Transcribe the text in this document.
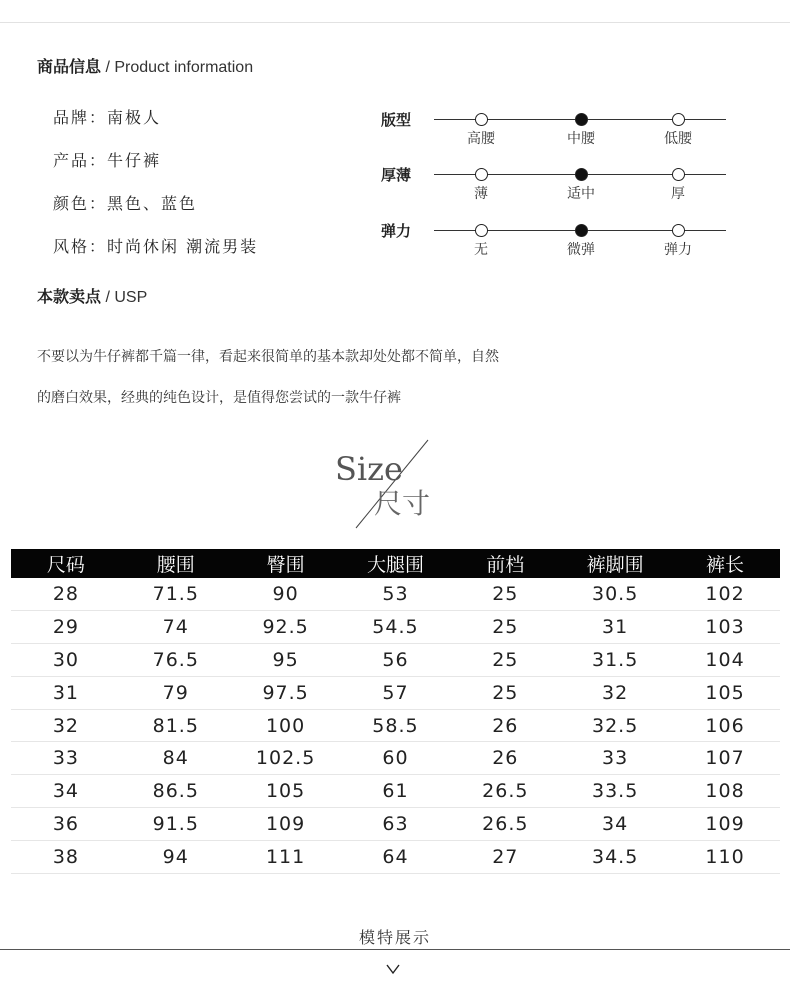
商品信息 / Product information
品牌：南极人
产品：牛仔裤
颜色：黑色、蓝色
风格：时尚休闲 潮流男装
版型
高腰	中腰	低腰
厚薄
薄	适中	厚
弹力
无	微弹	弹力
本款卖点 / USP

不要以为牛仔裤都千篇一律，看起来很简单的基本款却处处都不简单，自然的磨白效果，经典的纯色设计，是值得您尝试的一款牛仔裤

Size
尺寸
尺码	腰围	臀围	大腿围	前档	裤脚围	裤长
28	71.5	90	53	25	30.5	102
29	74	92.5	54.5	25	31	103
30	76.5	95	56	25	31.5	104
31	79	97.5	57	25	32	105
32	81.5	100	58.5	26	32.5	106
33	84	102.5	60	26	33	107
34	86.5	105	61	26.5	33.5	108
36	91.5	109	63	26.5	34	109
38	94	111	64	27	34.5	110
模特展示
